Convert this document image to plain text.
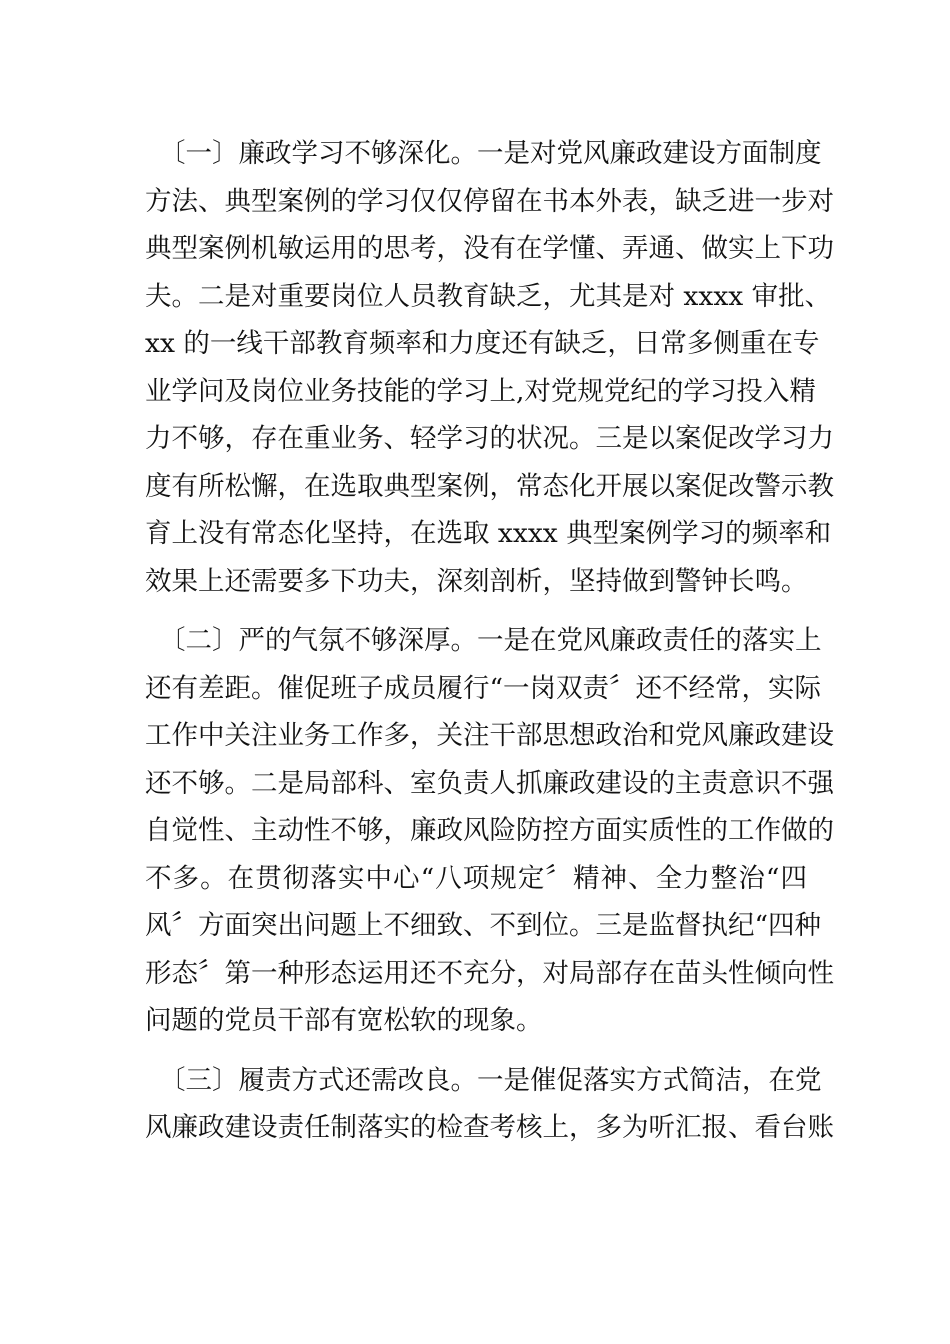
〔一〕廉政学习不够深化。一是对党风廉政建设方面制度
方法、典型案例的学习仅仅停留在书本外表，缺乏进一步对
典型案例机敏运用的思考，没有在学懂、弄通、做实上下功
夫。二是对重要岗位人员教育缺乏，尤其是对 xxxx 审批、
xx 的一线干部教育频率和力度还有缺乏，日常多侧重在专
业学问及岗位业务技能的学习上,对党规党纪的学习投入精
力不够，存在重业务、轻学习的状况。三是以案促改学习力
度有所松懈，在选取典型案例，常态化开展以案促改警示教
育上没有常态化坚持，在选取 xxxx 典型案例学习的频率和
效果上还需要多下功夫，深刻剖析，坚持做到警钟长鸣。

〔二〕严的气氛不够深厚。一是在党风廉政责任的落实上
还有差距。催促班子成员履行“一岗双责〞还不经常，实际
工作中关注业务工作多，关注干部思想政治和党风廉政建设
还不够。二是局部科、室负责人抓廉政建设的主责意识不强
自觉性、主动性不够，廉政风险防控方面实质性的工作做的
不多。在贯彻落实中心“八项规定〞精神、全力整治“四
风〞方面突出问题上不细致、不到位。三是监督执纪“四种
形态〞第一种形态运用还不充分，对局部存在苗头性倾向性
问题的党员干部有宽松软的现象。

〔三〕履责方式还需改良。一是催促落实方式简洁，在党
风廉政建设责任制落实的检查考核上，多为听汇报、看台账
